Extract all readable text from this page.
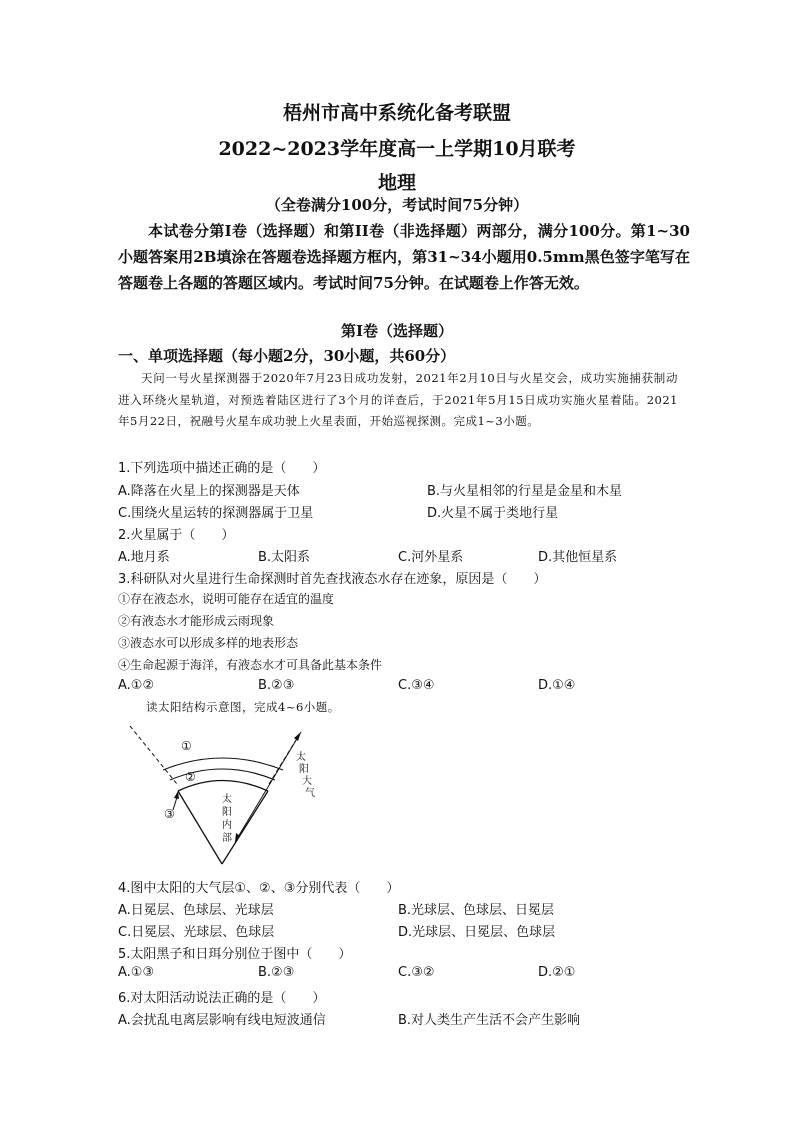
梧州市高中系统化备考联盟
2022~2023学年度高一上学期10月联考
地理
（全卷满分100分，考试时间75分钟）
本试卷分第I卷（选择题）和第II卷（非选择题）两部分，满分100分。第1~30小题答案用2B填涂在答题卷选择题方框内，第31~34小题用0.5mm黑色签字笔写在答题卷上各题的答题区域内。考试时间75分钟。在试题卷上作答无效。
第I卷（选择题）
一、单项选择题（每小题2分，30小题，共60分）
天问一号火星探测器于2020年7月23日成功发射，2021年2月10日与火星交会，成功实施捕获制动进入环绕火星轨道，对预选着陆区进行了3个月的详查后，于2021年5月15日成功实施火星着陆。2021年5月22日，祝融号火星车成功驶上火星表面，开始巡视探测。完成1~3小题。
1.下列选项中描述正确的是（　　）
A.降落在火星上的探测器是天体	B.与火星相邻的行星是金星和木星
C.围绕火星运转的探测器属于卫星	D.火星不属于类地行星
2.火星属于（　　）
A.地月系	B.太阳系	C.河外星系	D.其他恒星系
3.科研队对火星进行生命探测时首先查找液态水存在迹象，原因是（　　）
①存在液态水，说明可能存在适宜的温度
②有液态水才能形成云雨现象
③液态水可以形成多样的地表形态
④生命起源于海洋，有液态水才可具备此基本条件
A.①②	B.②③	C.③④	D.①④
读太阳结构示意图，完成4~6小题。
①
②
③
太阳大气
太阳内部
4.图中太阳的大气层①、②、③分别代表（　　）
A.日冕层、色球层、光球层	B.光球层、色球层、日冕层
C.日冕层、光球层、色球层	D.光球层、日冕层、色球层
5.太阳黑子和日珥分别位于图中（　　）
A.①③	B.②③	C.③②	D.②①
6.对太阳活动说法正确的是（　　）
A.会扰乱电离层影响有线电短波通信	B.对人类生产生活不会产生影响
